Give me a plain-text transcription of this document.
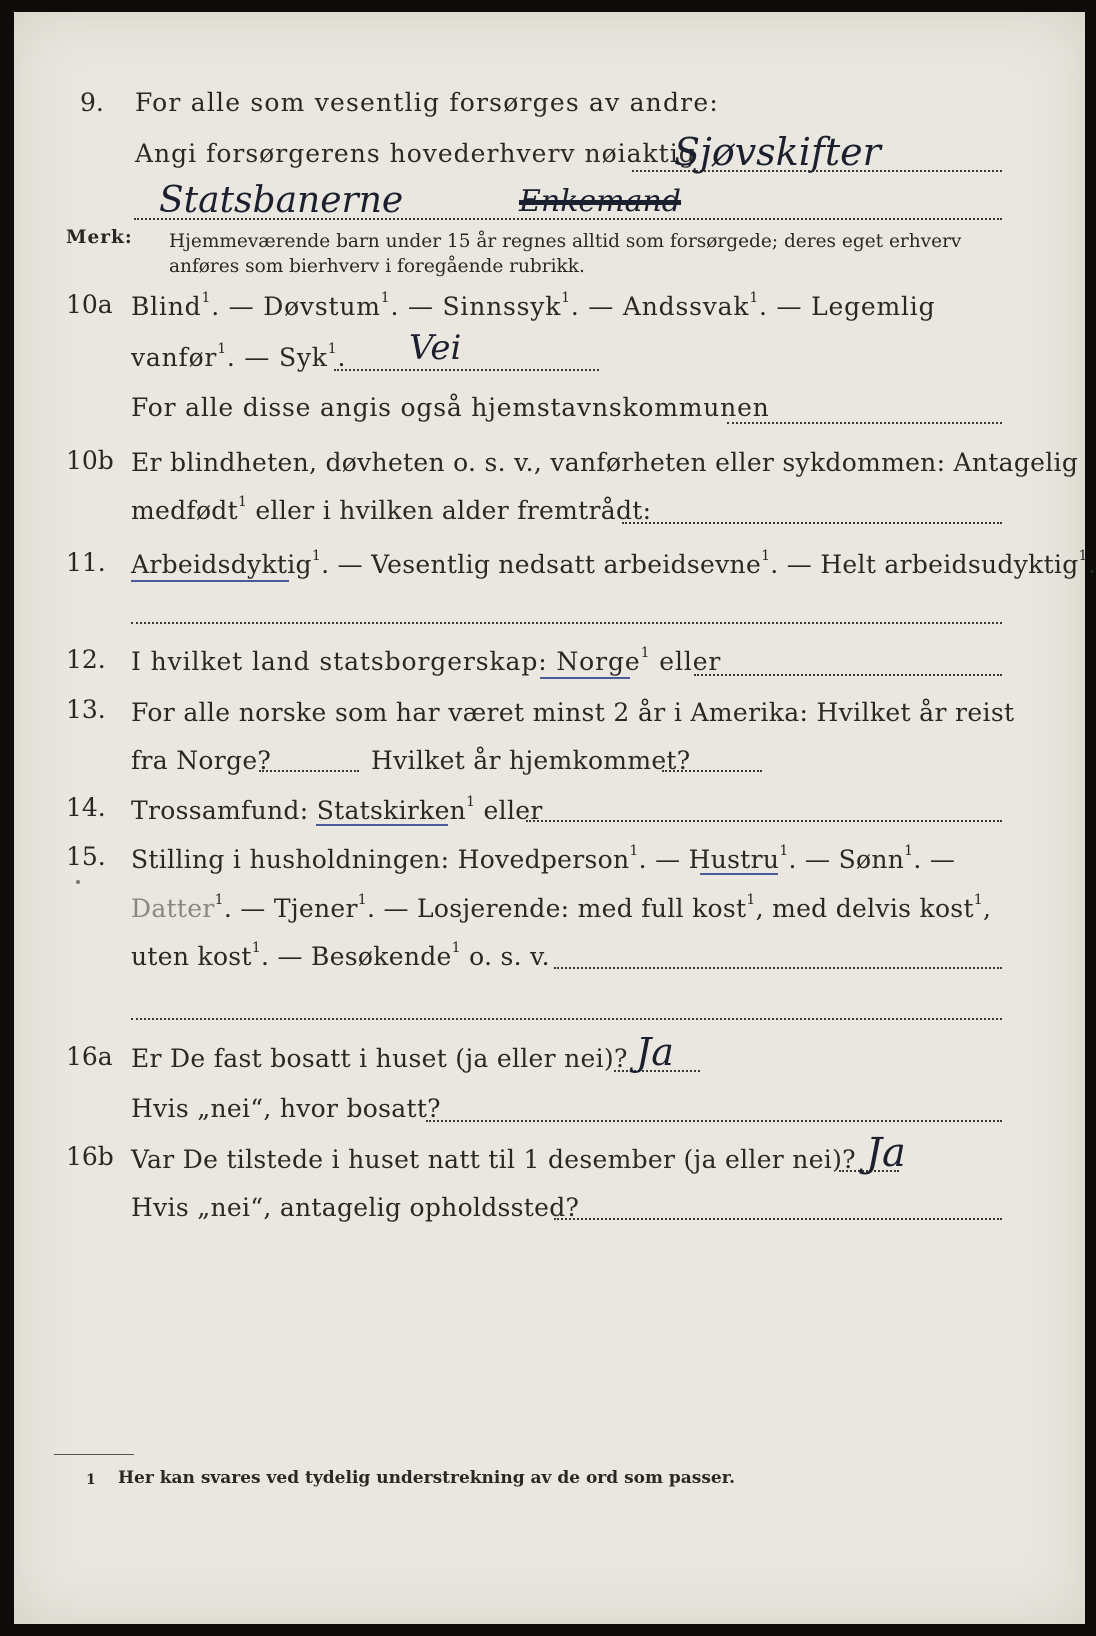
9. For alle som vesentlig forsørges av andre:
Angi forsørgerens hovederhverv nøiaktig
Sjøvskifter
Statsbanerne	Enkemand
Merk: Hjemmeværende barn under 15 år regnes alltid som forsørgede; deres eget erhverv
anføres som bierhverv i foregående rubrikk.
10a Blind$^1$. — Døvstum$^1$. — Sinnssyk$^1$. — Andssvak$^1$. — Legemlig
vanfør$^1$. — Syk$^1$. Vei
For alle disse angis også hjemstavnskommunen
10b Er blindheten, døvheten o. s. v., vanførheten eller sykdommen: Antagelig
medfødt$^1$ eller i hvilken alder fremtrådt:
11. Arbeidsdyktig$^1$. — Vesentlig nedsatt arbeidsevne$^1$. — Helt arbeidsudyktig$^1$.
12. I hvilket land statsborgerskap: Norge$^1$ eller
13. For alle norske som har været minst 2 år i Amerika: Hvilket år reist
fra Norge?	Hvilket år hjemkommet?
14. Trossamfund: Statskirken$^1$ eller
15. Stilling i husholdningen: Hovedperson$^1$. — Hustru$^1$. — Sønn$^1$. —
Datter$^1$. — Tjener$^1$. — Losjerende: med full kost$^1$, med delvis kost$^1$,
uten kost$^1$. — Besøkende$^1$ o. s. v.
16a Er De fast bosatt i huset (ja eller nei)? Ja
Hvis „nei“, hvor bosatt?
16b Var De tilstede i huset natt til 1 desember (ja eller nei)? Ja
Hvis „nei“, antagelig opholdssted?
1 Her kan svares ved tydelig understrekning av de ord som passer.
